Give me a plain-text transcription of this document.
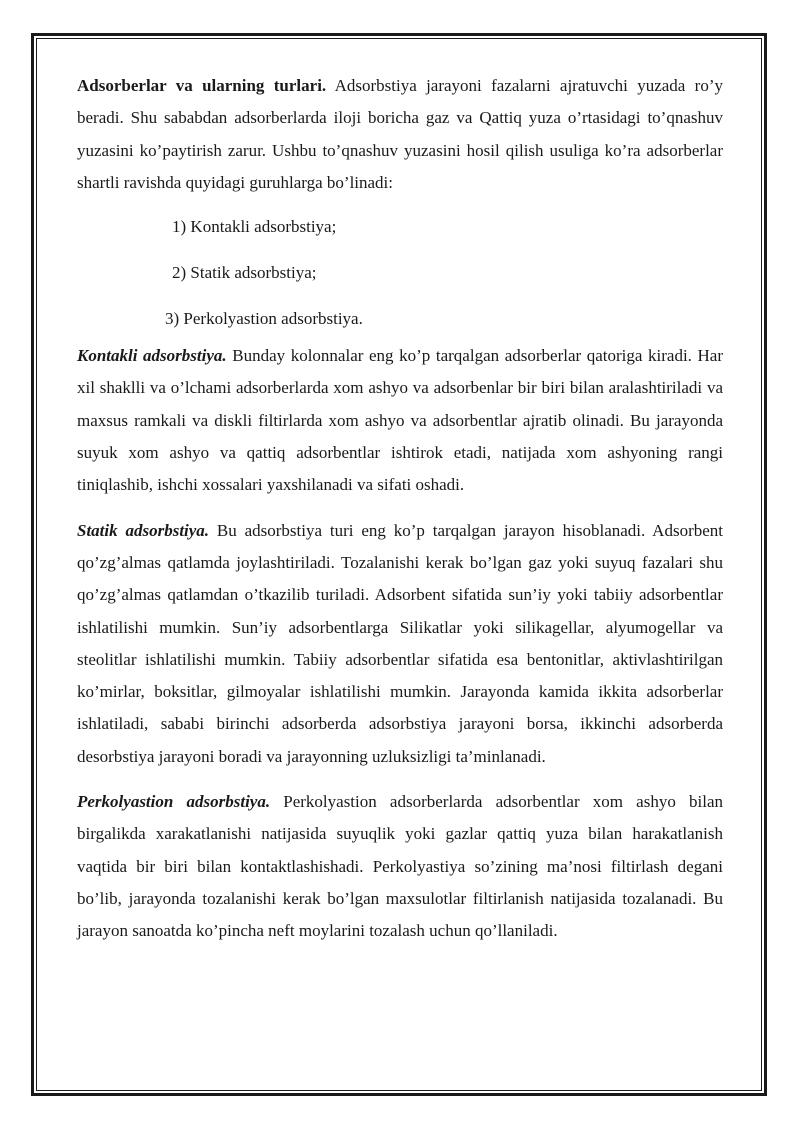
Adsorberlar va ularning turlari. Adsorbstiya jarayoni fazalarni ajratuvchi yuzada ro’y beradi. Shu sababdan adsorberlarda iloji boricha gaz va Qattiq yuza o’rtasidagi to’qnashuv yuzasini ko’paytirish zarur. Ushbu to’qnashuv yuzasini hosil qilish usuliga ko’ra adsorberlar shartli ravishda quyidagi guruhlarga bo’linadi:

1) Kontakli adsorbstiya;

2) Statik adsorbstiya;

3) Perkolyastion adsorbstiya.

Kontakli adsorbstiya. Bunday kolonnalar eng ko’p tarqalgan adsorberlar qatoriga kiradi. Har xil shaklli va o’lchami adsorberlarda xom ashyo va adsorbenlar bir biri bilan aralashtiriladi va maxsus ramkali va diskli filtirlarda xom ashyo va adsorbentlar ajratib olinadi. Bu jarayonda suyuk xom ashyo va qattiq adsorbentlar ishtirok etadi, natijada xom ashyoning rangi tiniqlashib, ishchi xossalari yaxshilanadi va sifati oshadi.

Statik adsorbstiya. Bu adsorbstiya turi eng ko’p tarqalgan jarayon hisoblanadi. Adsorbent qo’zg’almas qatlamda joylashtiriladi. Tozalanishi kerak bo’lgan gaz yoki suyuq fazalari shu qo’zg’almas qatlamdan o’tkazilib turiladi. Adsorbent sifatida sun’iy yoki tabiiy adsorbentlar ishlatilishi mumkin. Sun’iy adsorbentlarga Silikatlar yoki silikagellar, alyumogellar va steolitlar ishlatilishi mumkin. Tabiiy adsorbentlar sifatida esa bentonitlar, aktivlashtirilgan ko’mirlar, boksitlar, gilmoyalar ishlatilishi mumkin. Jarayonda kamida ikkita adsorberlar ishlatiladi, sababi birinchi adsorberda adsorbstiya jarayoni borsa, ikkinchi adsorberda desorbstiya jarayoni boradi va jarayonning uzluksizligi ta’minlanadi.

Perkolyastion adsorbstiya. Perkolyastion adsorberlarda adsorbentlar xom ashyo bilan birgalikda xarakatlanishi natijasida suyuqlik yoki gazlar qattiq yuza bilan harakatlanish vaqtida bir biri bilan kontaktlashishadi. Perkolyastiya so’zining ma’nosi filtirlash degani bo’lib, jarayonda tozalanishi kerak bo’lgan maxsulotlar filtirlanish natijasida tozalanadi. Bu jarayon sanoatda ko’pincha neft moylarini tozalash uchun qo’llaniladi.
